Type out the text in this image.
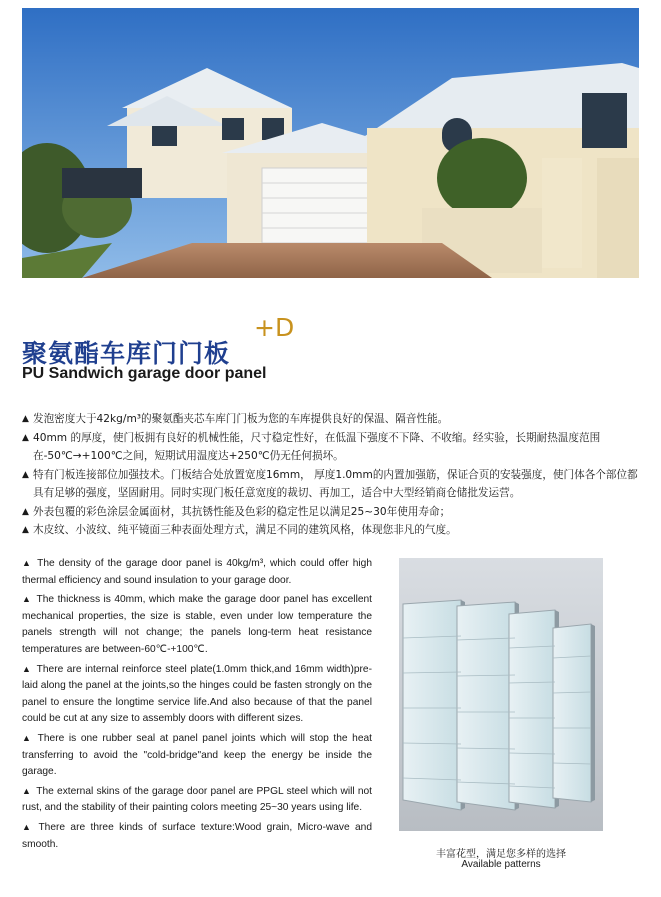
聚氨酯车库门门板
+D
PU Sandwich garage door panel
▲ 发泡密度大于42kg/m³的聚氨酯夹芯车库门门板为您的车库提供良好的保温、隔音性能。
▲ 40mm 的厚度，使门板拥有良好的机械性能，尺寸稳定性好，在低温下强度不下降、不收缩。经实验，长期耐热温度范围在-50℃→+100℃之间，短期试用温度达+250℃仍无任何损坏。
▲ 特有门板连接部位加强技术。门板结合处放置宽度16mm， 厚度1.0mm的内置加强筋，保证合页的安装强度，使门体各个部位都具有足够的强度，坚固耐用。同时实现门板任意宽度的裁切、再加工，适合中大型经销商仓储批发运营。
▲ 外表包覆的彩色涂层金属面材，其抗锈性能及色彩的稳定性足以满足25~30年使用寿命；
▲ 木皮纹、小波纹、纯平镜面三种表面处理方式，满足不同的建筑风格，体现您非凡的气度。
▲ The density of the garage door panel is 40kg/m³, which could offer high thermal efficiency and sound insulation to your garage door.
▲ The thickness is 40mm, which make the garage door panel has excellent mechanical properties, the size is stable, even under low temperature the panels strength will not change; the panels long-term heat resistance temperatures are between-60℃-+100℃.
▲ There are internal reinforce steel plate(1.0mm thick,and 16mm width)pre-laid along the panel at the joints,so the hinges could be fasten strongly on the panel to ensure the longtime service life.And also because of that the panel could be cut at any size to assembly doors with different sizes.
▲ There is one rubber seal at panel panel joints which will stop the heat transferring to avoid the "cold-bridge"and keep the energy be inside the garage.
▲ The external skins of the garage door panel are PPGL steel which will not rust, and the stability of their painting colors meeting 25~30 years using life.
▲ There are three kinds of surface texture:Wood grain, Micro-wave and smooth.
丰富花型，满足您多样的选择
Available patterns
